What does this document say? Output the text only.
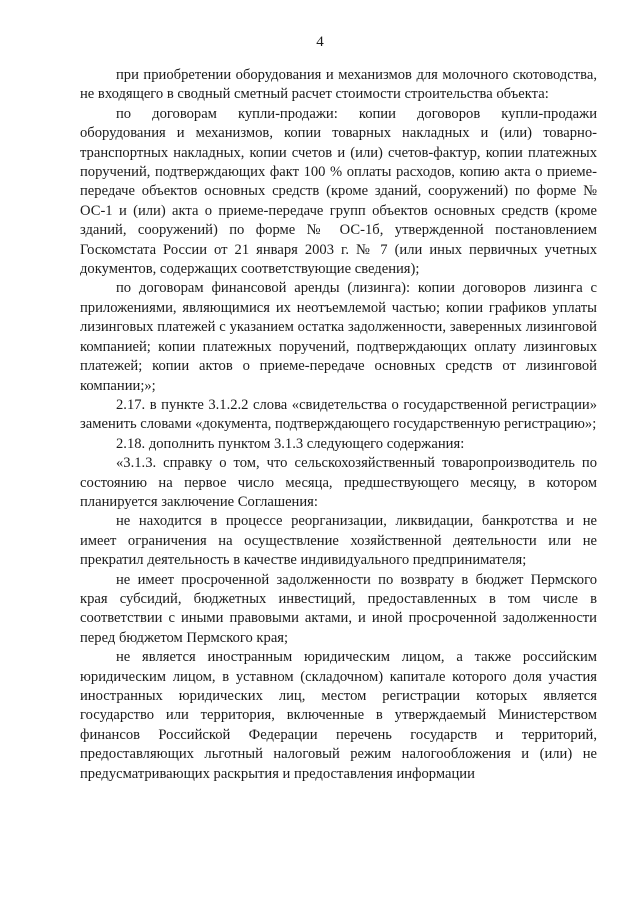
4

при приобретении оборудования и механизмов для молочного скотоводства, не входящего в сводный сметный расчет стоимости строительства объекта:

по договорам купли-продажи: копии договоров купли-продажи оборудования и механизмов, копии товарных накладных и (или) товарно-транспортных накладных, копии счетов и (или) счетов-фактур, копии платежных поручений, подтверждающих факт 100 % оплаты расходов, копию акта о приеме-передаче объектов основных средств (кроме зданий, сооружений) по форме № ОС-1 и (или) акта о приеме-передаче групп объектов основных средств (кроме зданий, сооружений) по форме № ОС-1б, утвержденной постановлением Госкомстата России от 21 января 2003 г. № 7 (или иных первичных учетных документов, содержащих соответствующие сведения);

по договорам финансовой аренды (лизинга): копии договоров лизинга с приложениями, являющимися их неотъемлемой частью; копии графиков уплаты лизинговых платежей с указанием остатка задолженности, заверенных лизинговой компанией; копии платежных поручений, подтверждающих оплату лизинговых платежей; копии актов о приеме-передаче основных средств от лизинговой компании;»;

2.17. в пункте 3.1.2.2 слова «свидетельства о государственной регистрации» заменить словами «документа, подтверждающего государственную регистрацию»;

2.18. дополнить пунктом 3.1.3 следующего содержания:

«3.1.3. справку о том, что сельскохозяйственный товаропроизводитель по состоянию на первое число месяца, предшествующего месяцу, в котором планируется заключение Соглашения:

не находится в процессе реорганизации, ликвидации, банкротства и не имеет ограничения на осуществление хозяйственной деятельности или не прекратил деятельность в качестве индивидуального предпринимателя;

не имеет просроченной задолженности по возврату в бюджет Пермского края субсидий, бюджетных инвестиций, предоставленных в том числе в соответствии с иными правовыми актами, и иной просроченной задолженности перед бюджетом Пермского края;

не является иностранным юридическим лицом, а также российским юридическим лицом, в уставном (складочном) капитале которого доля участия иностранных юридических лиц, местом регистрации которых является государство или территория, включенные в утверждаемый Министерством финансов Российской Федерации перечень государств и территорий, предоставляющих льготный налоговый режим налогообложения и (или) не предусматривающих раскрытия и предоставления информации
